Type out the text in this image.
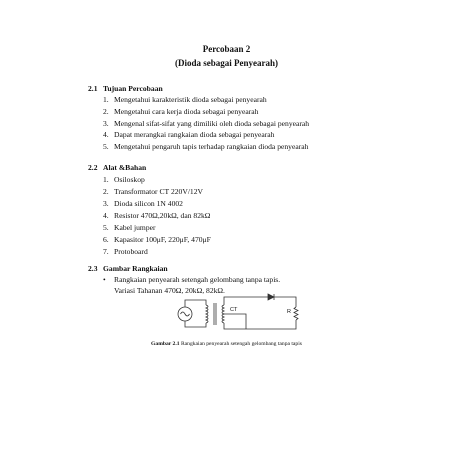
Percobaan 2
(Dioda sebagai Penyearah)
2.1 Tujuan Percobaan
1. Mengetahui karakteristik dioda sebagai penyearah
2. Mengetahui cara kerja dioda sebagai penyearah
3. Mengenal sifat-sifat yang dimiliki oleh dioda sebagai penyearah
4. Dapat merangkai rangkaian dioda sebagai penyearah
5. Mengetahui pengaruh tapis terhadap rangkaian dioda penyearah
2.2 Alat &Bahan
1. Osiloskop
2. Transformator CT 220V/12V
3. Dioda silicon 1N 4002
4. Resistor 470Ω,20kΩ, dan 82kΩ
5. Kabel jumper
6. Kapasitor 100μF, 220μF, 470μF
7. Protoboard
2.3 Gambar Rangkaian
• Rangkaian penyearah setengah gelombang tanpa tapis.
Variasi Tahanan 470Ω, 20kΩ, 82kΩ.
CT	R
Gambar 2.1 Rangkaian penyearah setengah gelombang tanpa tapis
